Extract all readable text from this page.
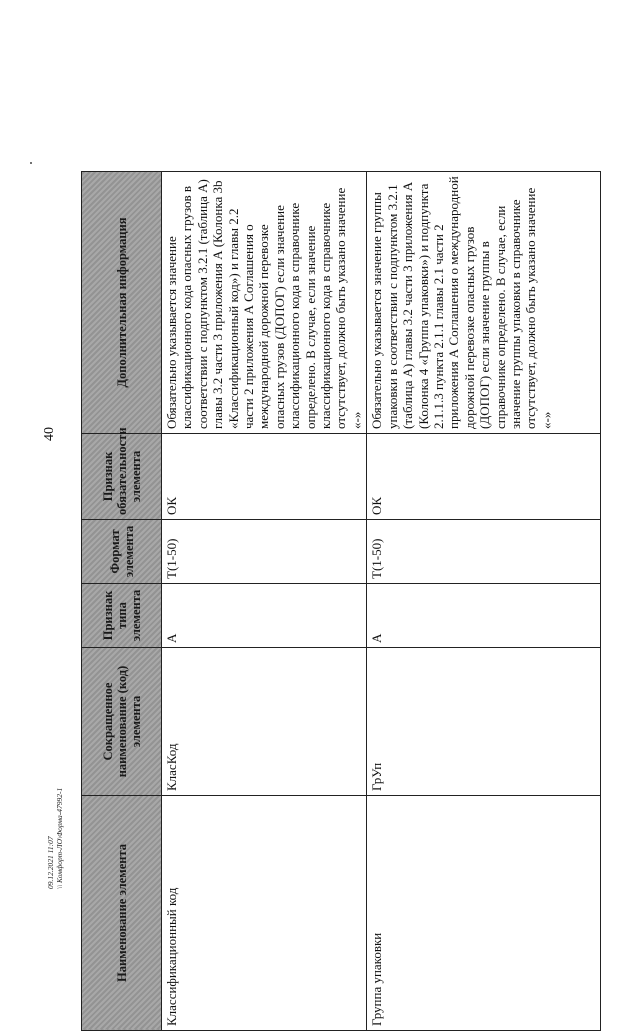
40
Наименование элемента	Сокращенное наименование (код) элемента	Признак типа элемента	Формат элемента	Признак обязательности элемента	Дополнительная информация
Классификационный код	КласКод	А	Т(1-50)	ОК	Обязательно указывается значение классификационного кода опасных грузов в соответствии с подпунктом 3.2.1 (таблица А) главы 3.2 части 3 приложения А (Колонка 3b «Классификационный код») и главы 2.2 части 2 приложения А Соглашения о международной дорожной перевозке опасных грузов (ДОПОГ) если значение классификационного кода в справочнике определено. В случае, если значение классификационного кода в справочнике отсутствует, должно быть указано значение «-»
Группа упаковки	ГрУп	А	Т(1-50)	ОК	Обязательно указывается значение группы упаковки в соответствии с подпунктом 3.2.1 (таблица А) главы 3.2 части 3 приложения А (Колонка 4 «Группа упаковки») и подпункта 2.1.1.3 пункта 2.1.1 главы 2.1 части 2 приложения А Соглашения о международной дорожной перевозке опасных грузов (ДОПОГ) если значение группы в справочнике определено. В случае, если значение группы упаковки в справочнике отсутствует, должно быть указано значение «-»
09.12.2021 11:07 \\ Комфорт-ЛО\Форма-47992-1
